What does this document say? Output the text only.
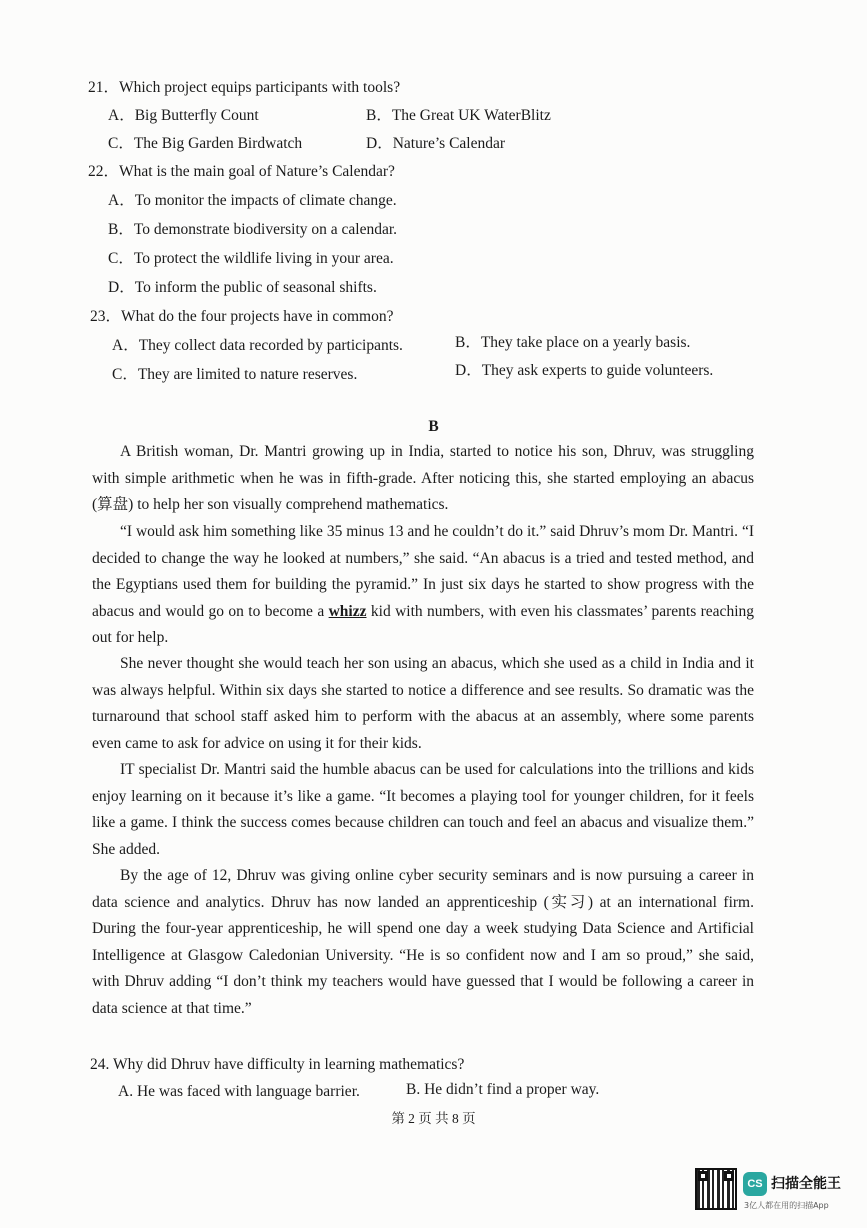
21．Which project equips participants with tools?
A．Big Butterfly Count	B．The Great UK WaterBlitz
C．The Big Garden Birdwatch	D．Nature’s Calendar
22．What is the main goal of Nature’s Calendar?
A．To monitor the impacts of climate change.
B．To demonstrate biodiversity on a calendar.
C．To protect the wildlife living in your area.
D．To inform the public of seasonal shifts.
23．What do the four projects have in common?
A．They collect data recorded by participants.	B．They take place on a yearly basis.
C．They are limited to nature reserves.	D．They ask experts to guide volunteers.
B
A British woman, Dr. Mantri growing up in India, started to notice his son, Dhruv, was struggling with simple arithmetic when he was in fifth-grade. After noticing this, she started employing an abacus (算盘) to help her son visually comprehend mathematics.
“I would ask him something like 35 minus 13 and he couldn’t do it.” said Dhruv’s mom Dr. Mantri. “I decided to change the way he looked at numbers,” she said. “An abacus is a tried and tested method, and the Egyptians used them for building the pyramid.” In just six days he started to show progress with the abacus and would go on to become a whizz kid with numbers, with even his classmates’ parents reaching out for help.
She never thought she would teach her son using an abacus, which she used as a child in India and it was always helpful. Within six days she started to notice a difference and see results. So dramatic was the turnaround that school staff asked him to perform with the abacus at an assembly, where some parents even came to ask for advice on using it for their kids.
IT specialist Dr. Mantri said the humble abacus can be used for calculations into the trillions and kids enjoy learning on it because it’s like a game. “It becomes a playing tool for younger children, for it feels like a game. I think the success comes because children can touch and feel an abacus and visualize them.” She added.
By the age of 12, Dhruv was giving online cyber security seminars and is now pursuing a career in data science and analytics. Dhruv has now landed an apprenticeship (实习) at an international firm. During the four-year apprenticeship, he will spend one day a week studying Data Science and Artificial Intelligence at Glasgow Caledonian University. “He is so confident now and I am so proud,” she said, with Dhruv adding “I don’t think my teachers would have guessed that I would be following a career in data science at that time.”
24. Why did Dhruv have difficulty in learning mathematics?
A. He was faced with language barrier.	B. He didn’t find a proper way.
第 2 页 共 8 页
CS 扫描全能王
3亿人都在用的扫描App
